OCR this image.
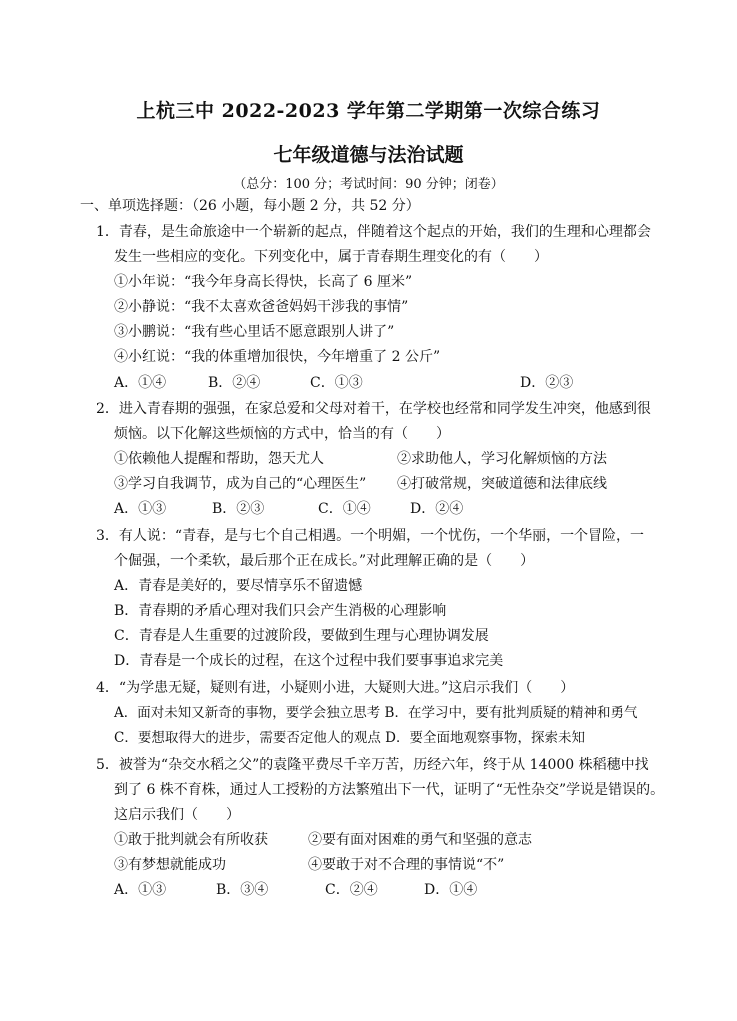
上杭三中 2022-2023 学年第二学期第一次综合练习
七年级道德与法治试题
（总分：100 分；考试时间：90 分钟；闭卷）
一、单项选择题：（26 小题，每小题 2 分，共 52 分）
1．青春，是生命旅途中一个崭新的起点，伴随着这个起点的开始，我们的生理和心理都会
发生一些相应的变化。下列变化中，属于青春期生理变化的有（　　）
①小年说：“我今年身高长得快，长高了 6 厘米”
②小静说：“我不太喜欢爸爸妈妈干涉我的事情”
③小鹏说：“我有些心里话不愿意跟别人讲了”
④小红说：“我的体重增加很快，今年增重了 2 公斤”
A．①④	B．②④	C．①③	D．②③
2．进入青春期的强强，在家总爱和父母对着干，在学校也经常和同学发生冲突，他感到很
烦恼。以下化解这些烦恼的方式中，恰当的有（　　）
①依赖他人提醒和帮助，怨天尤人	②求助他人，学习化解烦恼的方法
③学习自我调节，成为自己的“心理医生” ④打破常规，突破道德和法律底线
A．①③	B．②③	C．①④	D．②④
3．有人说：“青春，是与七个自己相遇。一个明媚，一个忧伤，一个华丽，一个冒险，一
个倔强，一个柔软，最后那个正在成长。”对此理解正确的是（　　）
A．青春是美好的，要尽情享乐不留遗憾
B．青春期的矛盾心理对我们只会产生消极的心理影响
C．青春是人生重要的过渡阶段，要做到生理与心理协调发展
D．青春是一个成长的过程，在这个过程中我们要事事追求完美
4．“为学患无疑，疑则有进，小疑则小进，大疑则大进。”这启示我们（　　）
A．面对未知又新奇的事物，要学会独立思考 B．在学习中，要有批判质疑的精神和勇气
C．要想取得大的进步，需要否定他人的观点 D．要全面地观察事物，探索未知
5．被誉为“杂交水稻之父”的袁隆平费尽千辛万苦，历经六年，终于从 14000 株稻穗中找
到了 6 株不育株，通过人工授粉的方法繁殖出下一代，证明了“无性杂交”学说是错误的。
这启示我们（　　）
①敢于批判就会有所收获	②要有面对困难的勇气和坚强的意志
③有梦想就能成功	④要敢于对不合理的事情说“不”
A．①③	B．③④	C．②④	D．①④
